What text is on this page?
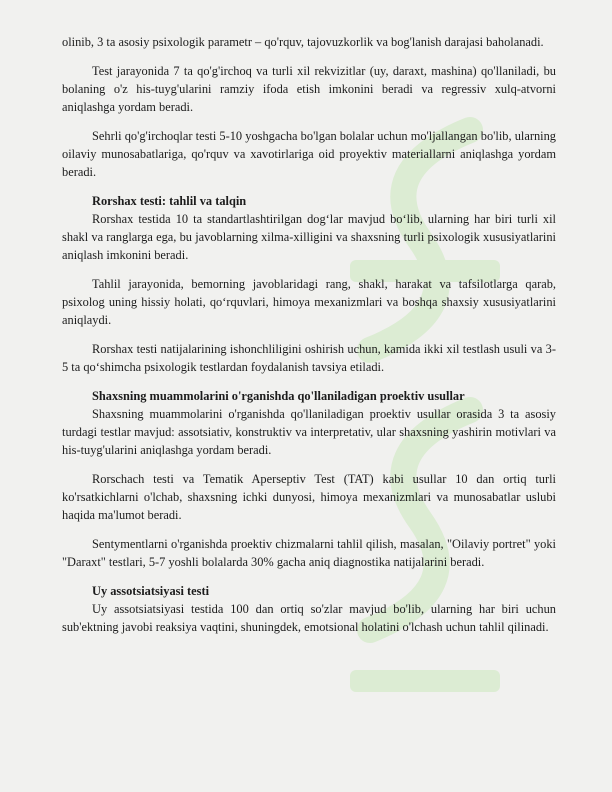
olinib, 3 ta asosiy psixologik parametr – qo'rquv, tajovuzkorlik va bog'lanish darajasi baholanadi.

Test jarayonida 7 ta qo'g'irchoq va turli xil rekvizitlar (uy, daraxt, mashina) qo'llaniladi, bu bolaning o'z his-tuyg'ularini ramziy ifoda etish imkonini beradi va regressiv xulq-atvorni aniqlashga yordam beradi.

Sehrli qo'g'irchoqlar testi 5-10 yoshgacha bo'lgan bolalar uchun mo'ljallangan bo'lib, ularning oilaviy munosabatlariga, qo'rquv va xavotirlariga oid proyektiv materiallarni aniqlashga yordam beradi.

Rorshax testi: tahlil va talqin

Rorshax testida 10 ta standartlashtirilgan dog‘lar mavjud bo‘lib, ularning har biri turli xil shakl va ranglarga ega, bu javoblarning xilma-xilligini va shaxsning turli psixologik xususiyatlarini aniqlash imkonini beradi.

Tahlil jarayonida, bemorning javoblaridagi rang, shakl, harakat va tafsilotlarga qarab, psixolog uning hissiy holati, qo‘rquvlari, himoya mexanizmlari va boshqa shaxsiy xususiyatlarini aniqlaydi.

Rorshax testi natijalarining ishonchliligini oshirish uchun, kamida ikki xil testlash usuli va 3-5 ta qo‘shimcha psixologik testlardan foydalanish tavsiya etiladi.

Shaxsning muammolarini o'rganishda qo'llaniladigan proektiv usullar

Shaxsning muammolarini o'rganishda qo'llaniladigan proektiv usullar orasida 3 ta asosiy turdagi testlar mavjud: assotsiativ, konstruktiv va interpretativ, ular shaxsning yashirin motivlari va his-tuyg'ularini aniqlashga yordam beradi.

Rorschach testi va Tematik Aperseptiv Test (TAT) kabi usullar 10 dan ortiq turli ko'rsatkichlarni o'lchab, shaxsning ichki dunyosi, himoya mexanizmlari va munosabatlar uslubi haqida ma'lumot beradi.

Sentymentlarni o'rganishda proektiv chizmalarni tahlil qilish, masalan, "Oilaviy portret" yoki "Daraxt" testlari, 5-7 yoshli bolalarda 30% gacha aniq diagnostika natijalarini beradi.

Uy assotsiatsiyasi testi

Uy assotsiatsiyasi testida 100 dan ortiq so'zlar mavjud bo'lib, ularning har biri uchun sub'ektning javobi reaksiya vaqtini, shuningdek, emotsional holatini o'lchash uchun tahlil qilinadi.
